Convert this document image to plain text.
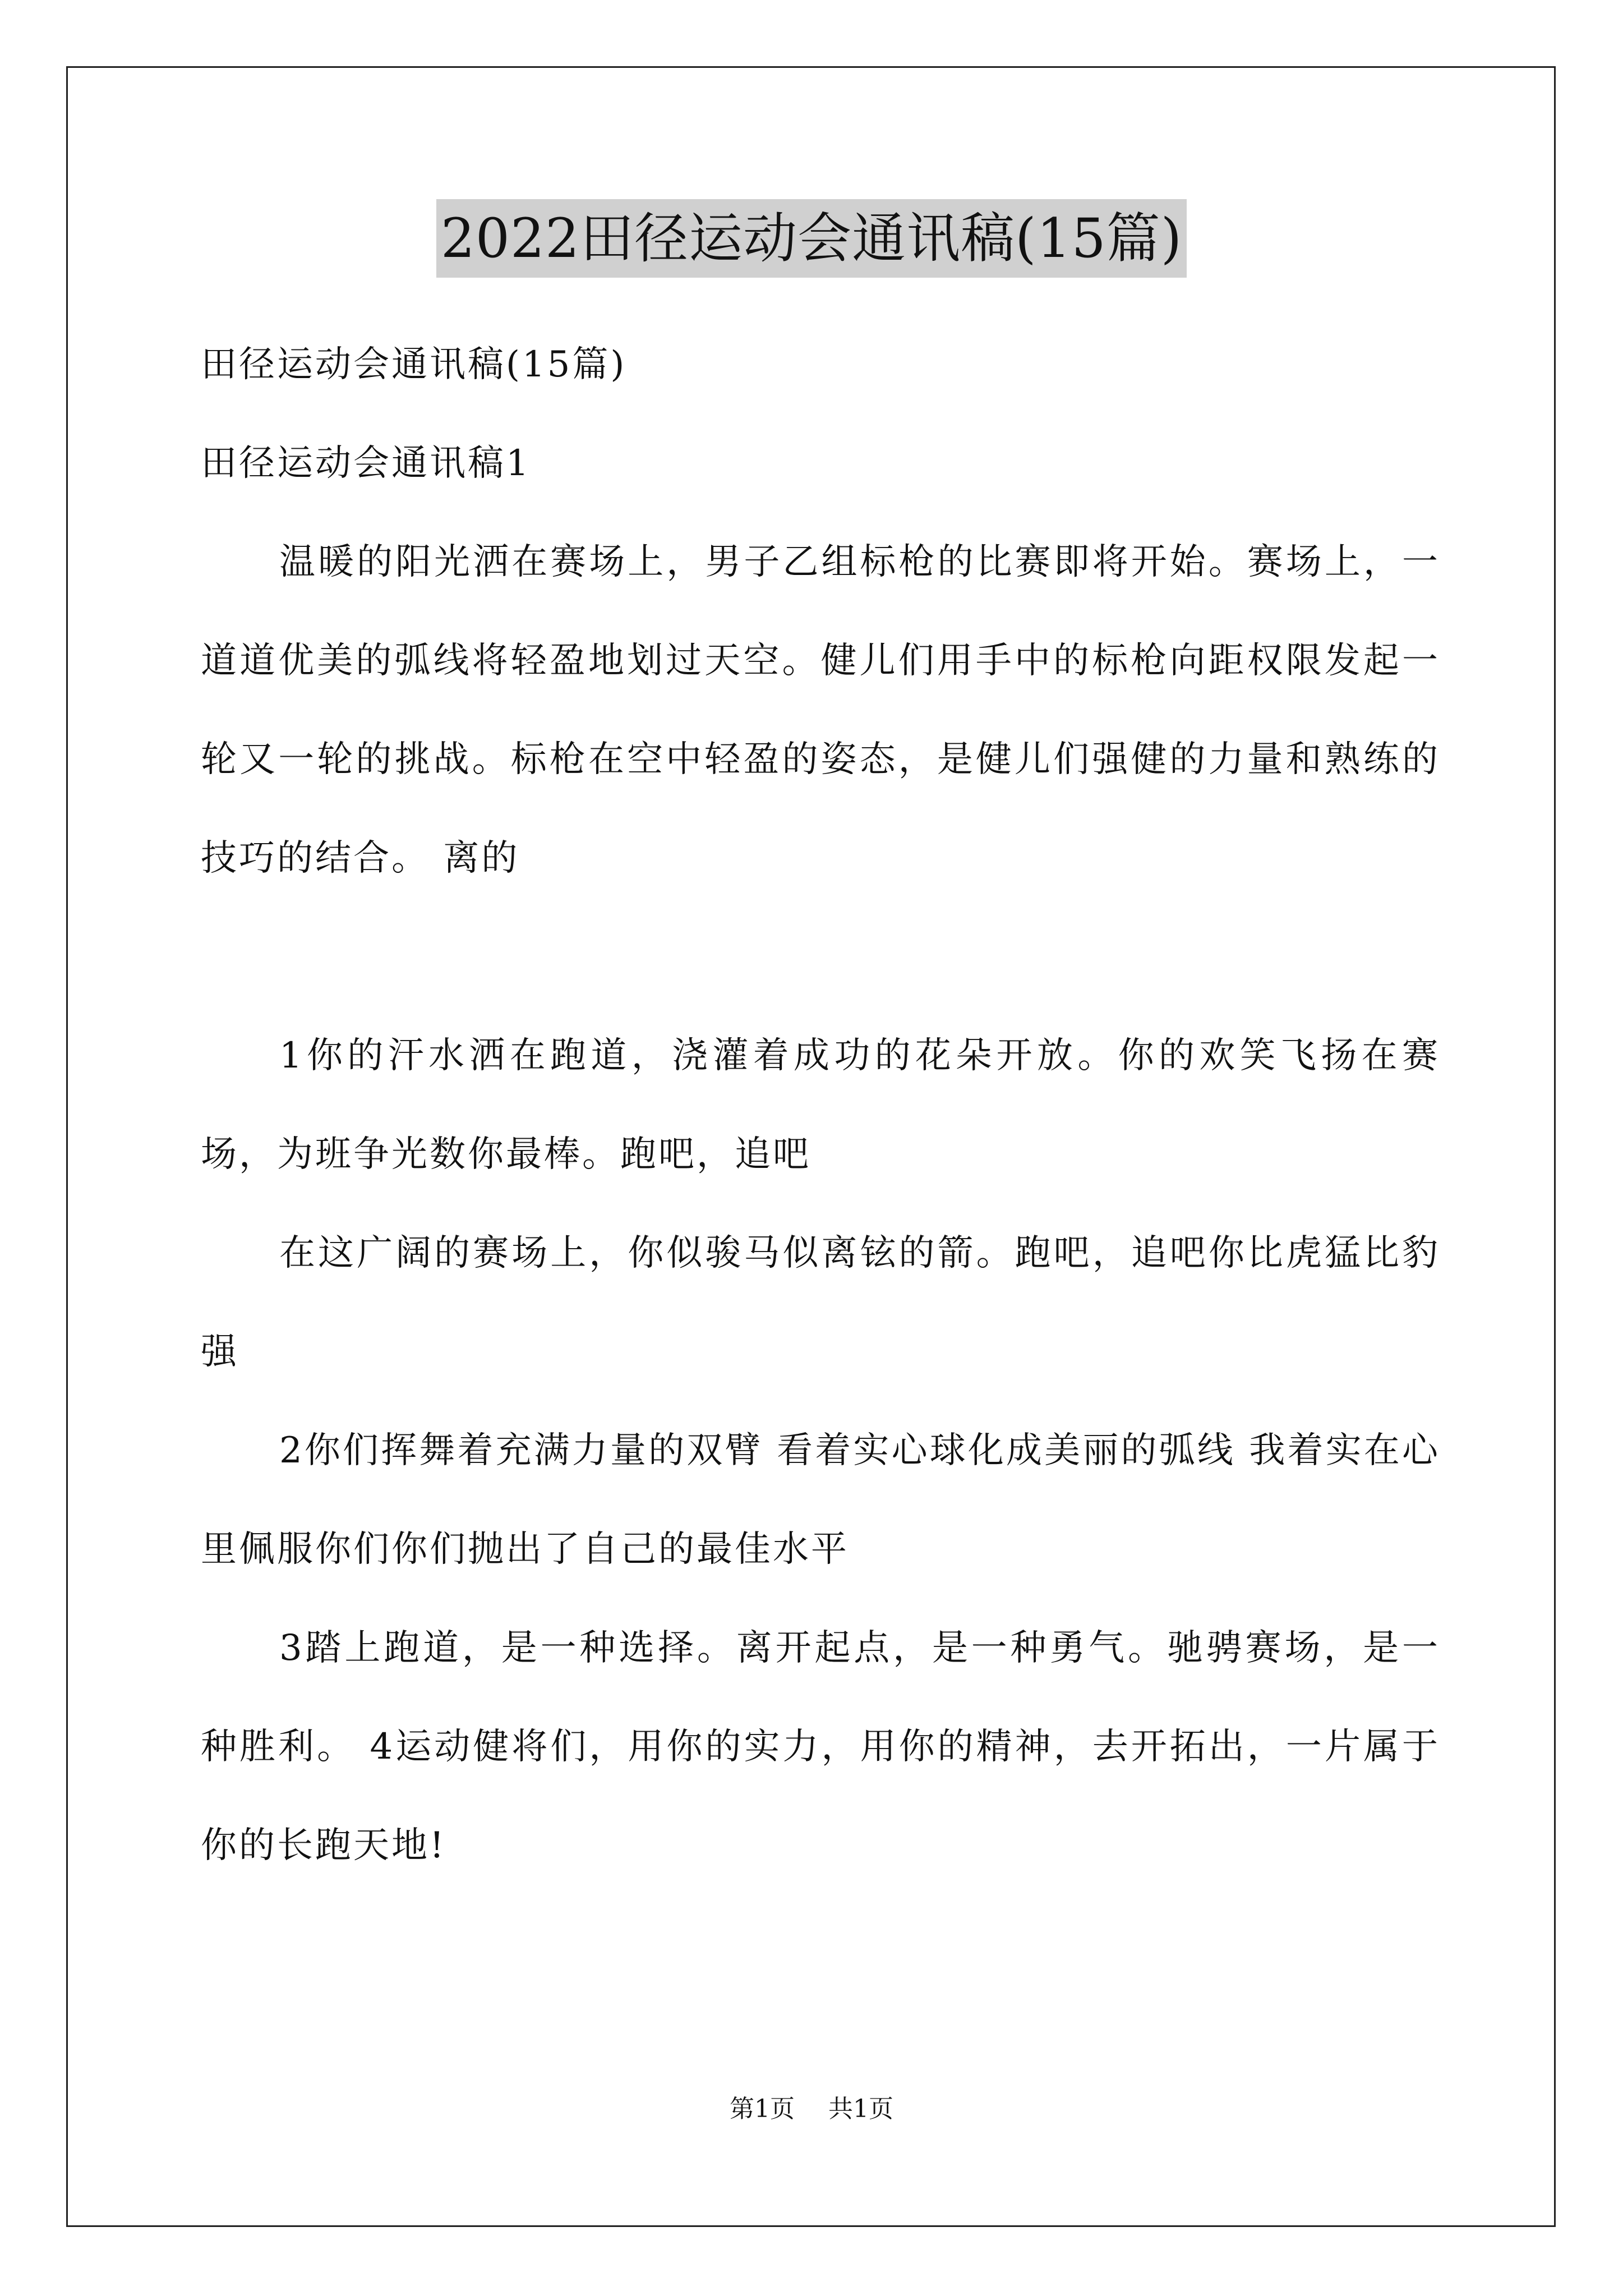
2022田径运动会通讯稿(15篇)

田径运动会通讯稿(15篇)

田径运动会通讯稿1

温暖的阳光洒在赛场上，男子乙组标枪的比赛即将开始。赛场上，一道道优美的弧线将轻盈地划过天空。健儿们用手中的标枪向距权限发起一轮又一轮的挑战。标枪在空中轻盈的姿态，是健儿们强健的力量和熟练的技巧的结合。 离的

1你的汗水洒在跑道，浇灌着成功的花朵开放。你的欢笑飞扬在赛场，为班争光数你最棒。跑吧，追吧

在这广阔的赛场上，你似骏马似离铉的箭。跑吧，追吧你比虎猛比豹强

2你们挥舞着充满力量的双臂 看着实心球化成美丽的弧线 我着实在心里佩服你们你们抛出了自己的最佳水平

3踏上跑道，是一种选择。离开起点，是一种勇气。驰骋赛场，是一种胜利。 4运动健将们，用你的实力，用你的精神，去开拓出，一片属于你的长跑天地!

第1页 共1页
